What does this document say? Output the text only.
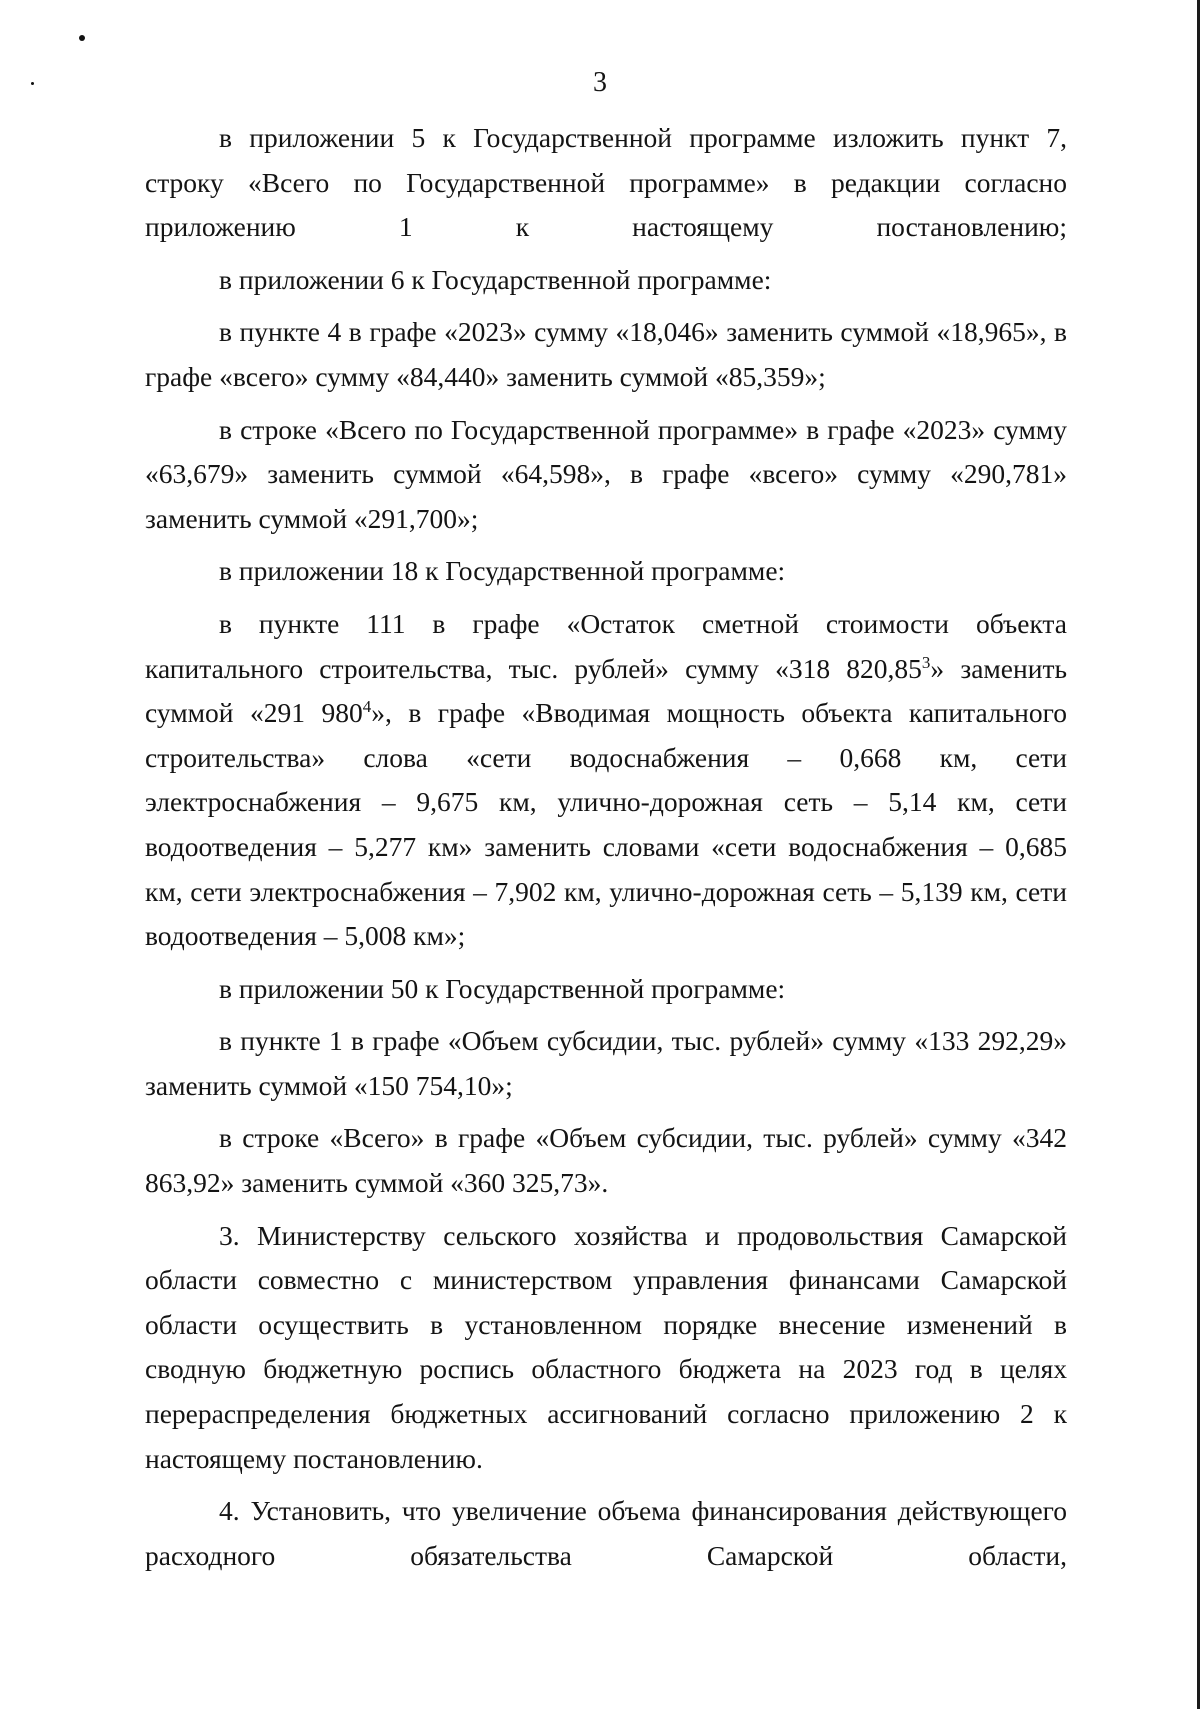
3

в приложении 5 к Государственной программе изложить пункт 7, строку «Всего по Государственной программе» в редакции согласно приложению 1 к настоящему постановлению;

в приложении 6 к Государственной программе:

в пункте 4 в графе «2023» сумму «18,046» заменить суммой «18,965», в графе «всего» сумму «84,440» заменить суммой «85,359»;

в строке «Всего по Государственной программе» в графе «2023» сумму «63,679» заменить суммой «64,598», в графе «всего» сумму «290,781» заменить суммой «291,700»;

в приложении 18 к Государственной программе:

в пункте 111 в графе «Остаток сметной стоимости объекта капитального строительства, тыс. рублей» сумму «318 820,85$^3$» заменить суммой «291 $980^4$», в графе «Вводимая мощность объекта капитального строительства» слова «сети водоснабжения – 0,668 км, сети электроснабжения – 9,675 км, улично-дорожная сеть – 5,14 км, сети водоотведения – 5,277 км» заменить словами «сети водоснабжения – 0,685 км, сети электроснабжения – 7,902 км, улично-дорожная сеть – 5,139 км, сети водоотведения – 5,008 км»;

в приложении 50 к Государственной программе:

в пункте 1 в графе «Объем субсидии, тыс. рублей» сумму «133 292,29» заменить суммой «150 754,10»;

в строке «Всего» в графе «Объем субсидии, тыс. рублей» сумму «342 863,92» заменить суммой «360 325,73».

3. Министерству сельского хозяйства и продовольствия Самарской области совместно с министерством управления финансами Самарской области осуществить в установленном порядке внесение изменений в сводную бюджетную роспись областного бюджета на 2023 год в целях перераспределения бюджетных ассигнований согласно приложению 2 к настоящему постановлению.

4. Установить, что увеличение объема финансирования действующего расходного обязательства Самарской области,
